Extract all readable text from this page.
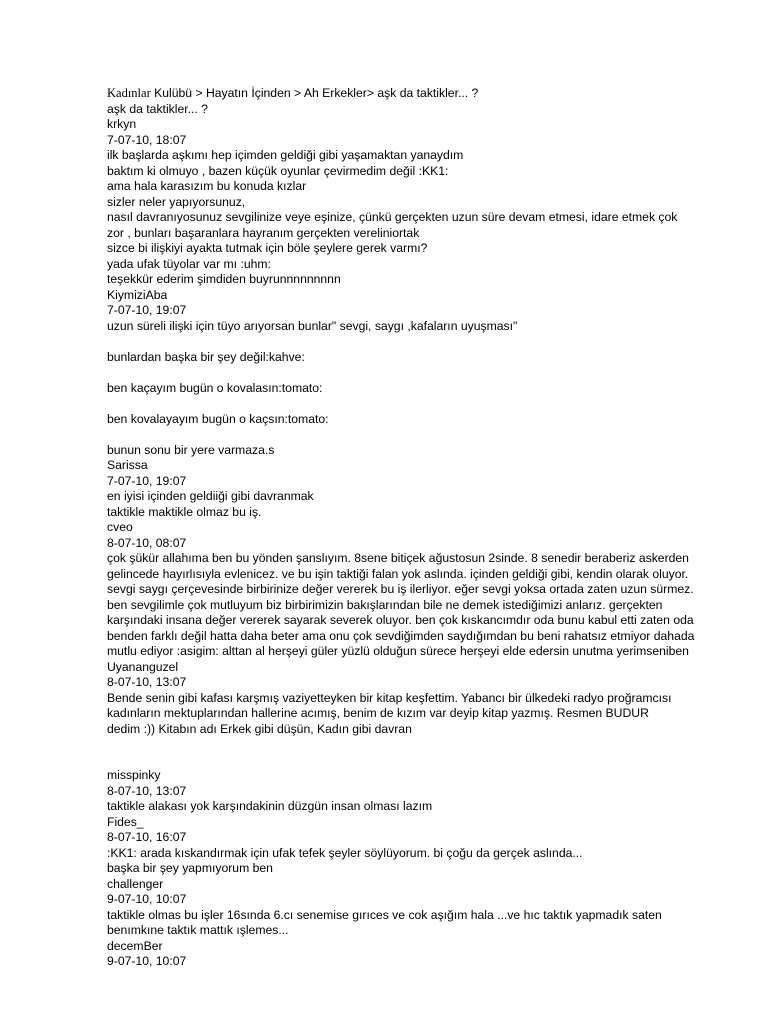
Kadınlar Kulübü > Hayatın İçinden > Ah Erkekler> aşk da taktikler... ?
aşk da taktikler... ?
krkyn
7-07-10, 18:07
ilk başlarda aşkımı hep içimden geldiği gibi yaşamaktan yanaydım
baktım ki olmuyo , bazen küçük oyunlar çevirmedim değil :KK1:
ama hala karasızım bu konuda kızlar
sizler neler yapıyorsunuz,
nasıl davranıyosunuz sevgilinize veye eşinize, çünkü gerçekten uzun süre devam etmesi, idare etmek çok
zor , bunları başaranlara hayranım gerçekten vereliniortak
sizce bi ilişkiyi ayakta tutmak için böle şeylere gerek varmı?
yada ufak tüyolar var mı :uhm:
teşekkür ederim şimdiden buyrunnnnnnnnn
KiymiziAba
7-07-10, 19:07
uzun süreli ilişki için tüyo arıyorsan bunlar" sevgi, saygı ,kafaların uyuşması"
bunlardan başka bir şey değil:kahve:
ben kaçayım bugün o kovalasın:tomato:
ben kovalayayım bugün o kaçsın:tomato:
bunun sonu bir yere varmaza.s
Sarissa
7-07-10, 19:07
en iyisi içinden geldiiği gibi davranmak
taktikle maktikle olmaz bu iş.
cveo
8-07-10, 08:07
çok şükür allahıma ben bu yönden şanslıyım. 8sene bitiçek ağustosun 2sinde. 8 senedir beraberiz askerden
gelincede hayırlısıyla evlenicez. ve bu işin taktiği falan yok aslında. içinden geldiği gibi, kendin olarak oluyor.
sevgi saygı çerçevesinde birbirinize değer vererek bu iş ilerliyor. eğer sevgi yoksa ortada zaten uzun sürmez.
ben sevgilimle çok mutluyum biz birbirimizin bakışlarından bile ne demek istediğimizi anlarız. gerçekten
karşındaki insana değer vererek sayarak severek oluyor. ben çok kıskancımdır oda bunu kabul etti zaten oda
benden farklı değil hatta daha beter ama onu çok sevdiğimden saydığımdan bu beni rahatsız etmiyor dahada
mutlu ediyor :asigim: alttan al herşeyi güler yüzlü olduğun sürece herşeyi elde edersin unutma yerimseniben
Uyananguzel
8-07-10, 13:07
Bende senin gibi kafası karşmış vaziyetteyken bir kitap keşfettim. Yabancı bir ülkedeki radyo proğramcısı
kadınların mektuplarından hallerine acımış, benim de kızım var deyip kitap yazmış. Resmen BUDUR
dedim :)) Kitabın adı Erkek gibi düşün, Kadın gibi davran
misspinky
8-07-10, 13:07
taktikle alakası yok karşındakinin düzgün insan olması lazım
Fides_
8-07-10, 16:07
:KK1: arada kıskandırmak için ufak tefek şeyler söylüyorum. bi çoğu da gerçek aslında...
başka bir şey yapmıyorum ben
challenger
9-07-10, 10:07
taktikle olmas bu işler 16sında 6.cı senemise gırıces ve cok aşığım hala ...ve hıc taktık yapmadık saten
benımkıne taktık mattık ışlemes...
decemBer
9-07-10, 10:07
